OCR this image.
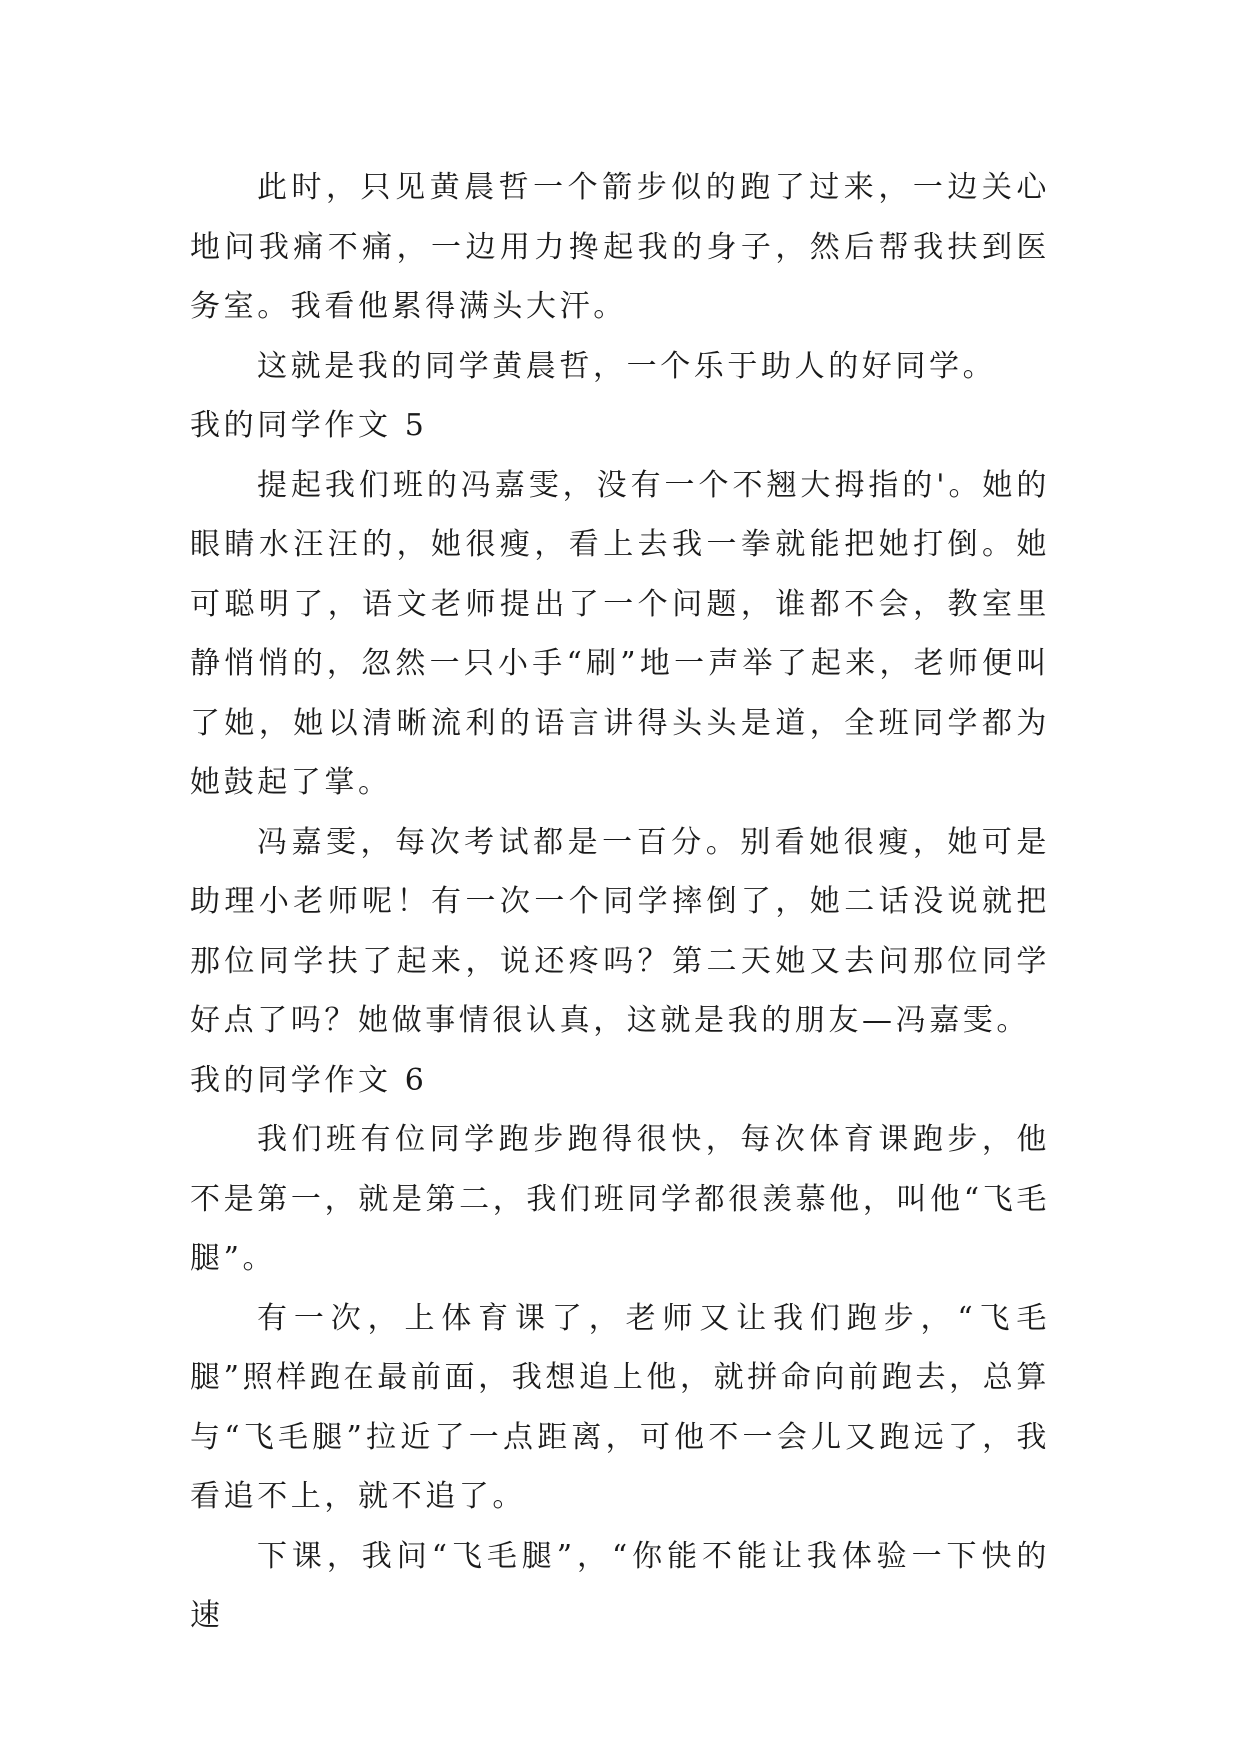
此时，只见黄晨哲一个箭步似的跑了过来，一边关心地问我痛不痛，一边用力搀起我的身子，然后帮我扶到医务室。我看他累得满头大汗。

这就是我的同学黄晨哲，一个乐于助人的好同学。

我的同学作文 5

提起我们班的冯嘉雯，没有一个不翘大拇指的'。她的眼睛水汪汪的，她很瘦，看上去我一拳就能把她打倒。她可聪明了，语文老师提出了一个问题，谁都不会，教室里静悄悄的，忽然一只小手“刷”地一声举了起来，老师便叫了她，她以清晰流利的语言讲得头头是道，全班同学都为她鼓起了掌。

冯嘉雯，每次考试都是一百分。别看她很瘦，她可是助理小老师呢！有一次一个同学摔倒了，她二话没说就把那位同学扶了起来，说还疼吗？第二天她又去问那位同学好点了吗？她做事情很认真，这就是我的朋友—冯嘉雯。

我的同学作文 6

我们班有位同学跑步跑得很快，每次体育课跑步，他不是第一，就是第二，我们班同学都很羡慕他，叫他“飞毛腿”。

有一次，上体育课了，老师又让我们跑步，“飞毛腿”照样跑在最前面，我想追上他，就拼命向前跑去，总算与“飞毛腿”拉近了一点距离，可他不一会儿又跑远了，我看追不上，就不追了。

下课，我问“飞毛腿”，“你能不能让我体验一下快的速
